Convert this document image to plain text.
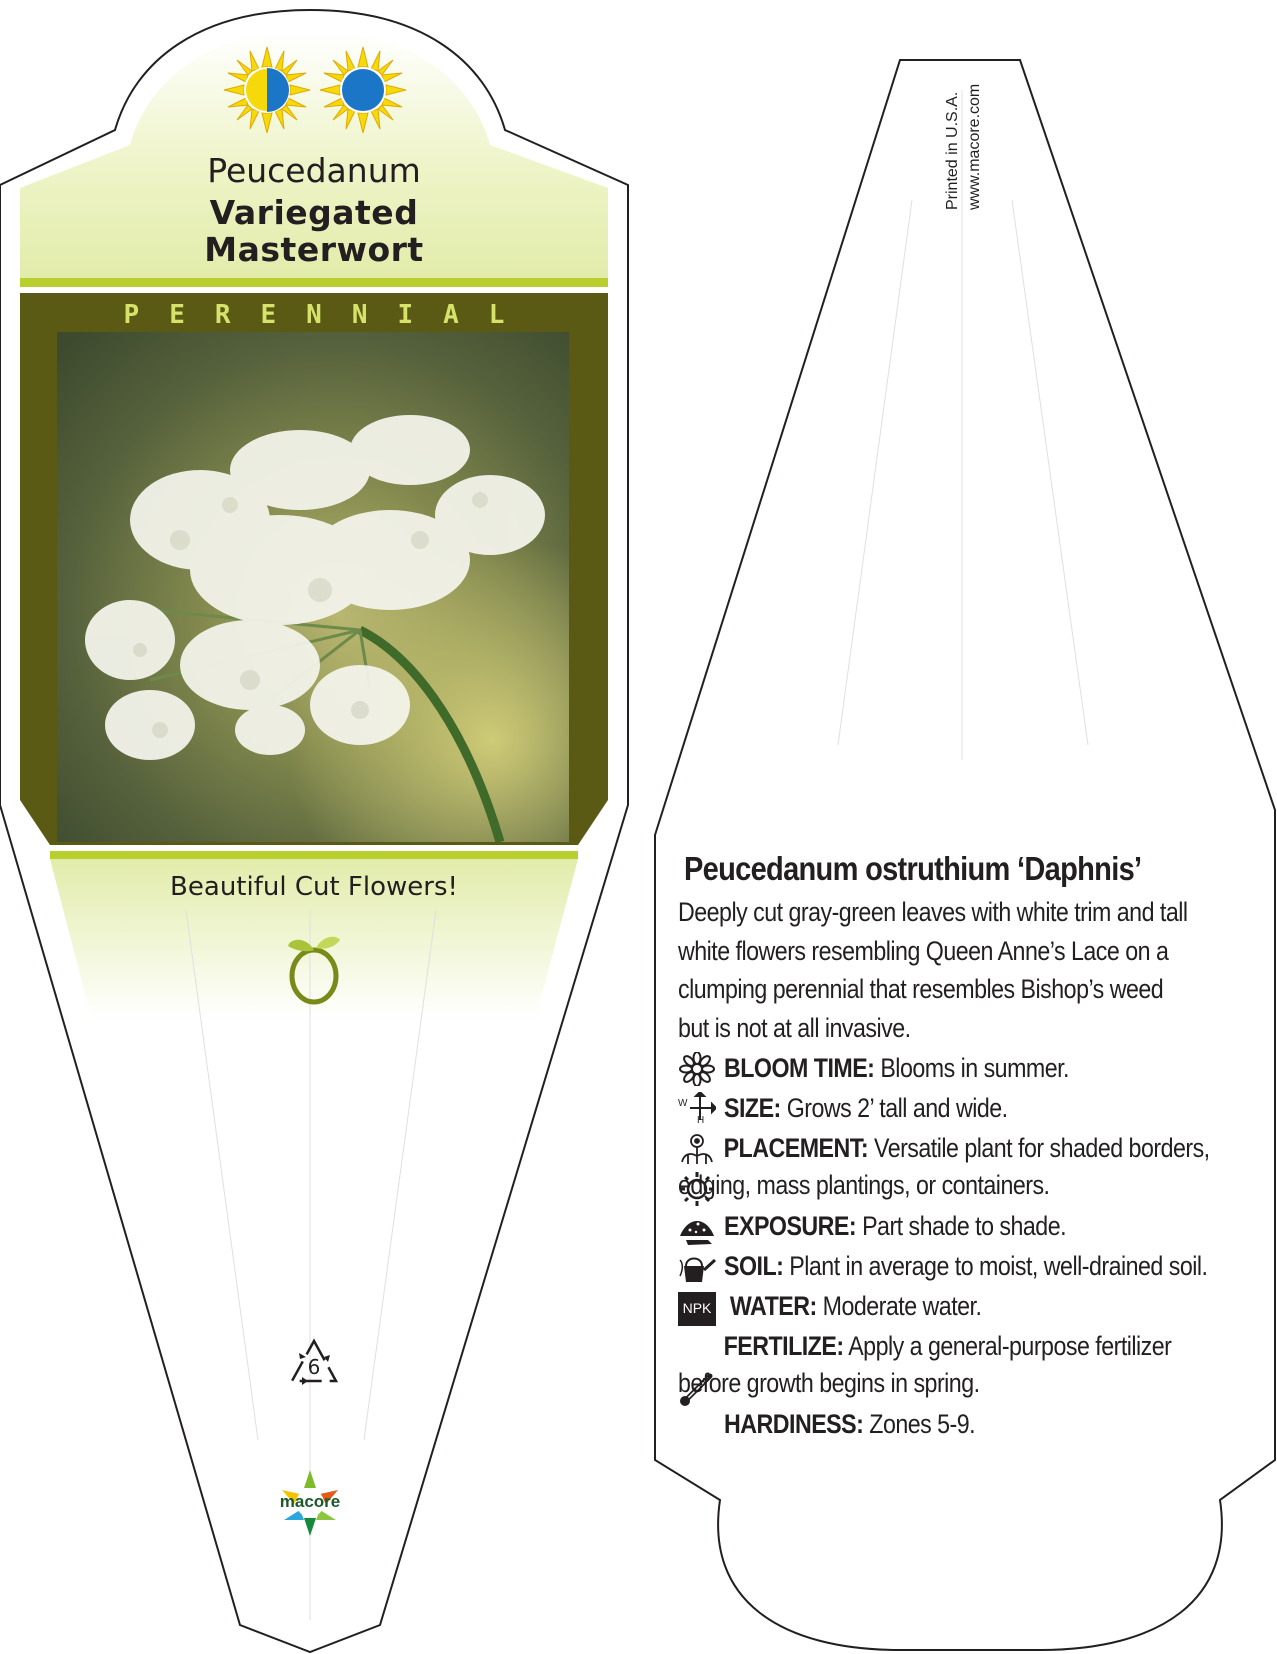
Peucedanum
Variegated
Masterwort
PERENNIAL
Beautiful Cut Flowers!
6
macore
Printed in U.S.A. www.macore.com
Peucedanum ostruthium ‘Daphnis’
Deeply cut gray-green leaves with white trim and tall white flowers resembling Queen Anne’s Lace on a clumping perennial that resembles Bishop’s weed but is not at all invasive.
W
H
NPK
BLOOM TIME: Blooms in summer.
SIZE: Grows 2’ tall and wide.
PLACEMENT: Versatile plant for shaded borders, edging, mass plantings, or containers.
EXPOSURE: Part shade to shade.
SOIL: Plant in average to moist, well-drained soil.
WATER: Moderate water.
FERTILIZE: Apply a general-purpose fertilizer before growth begins in spring.
HARDINESS: Zones 5-9.
